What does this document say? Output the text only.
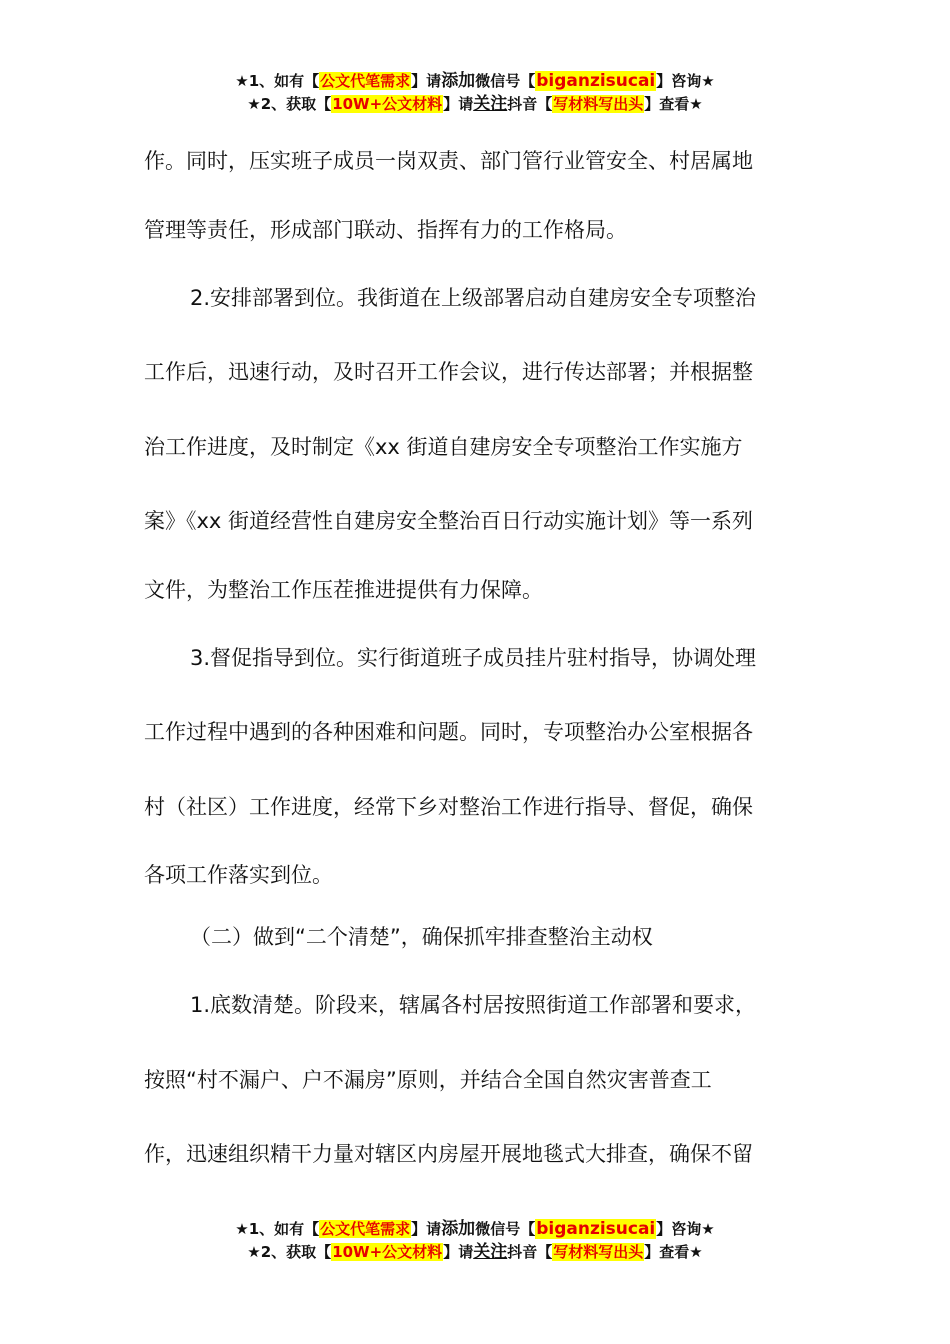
★1、如有【公文代笔需求】请添加微信号【biganzisucai】咨询★
★2、获取【10W+公文材料】请关注抖音【写材料写出头】查看★
作。同时，压实班子成员一岗双责、部门管行业管安全、村居属地
管理等责任，形成部门联动、指挥有力的工作格局。
2.安排部署到位。我街道在上级部署启动自建房安全专项整治
工作后，迅速行动，及时召开工作会议，进行传达部署；并根据整
治工作进度，及时制定《xx 街道自建房安全专项整治工作实施方
案》《xx 街道经营性自建房安全整治百日行动实施计划》等一系列
文件，为整治工作压茬推进提供有力保障。
3.督促指导到位。实行街道班子成员挂片驻村指导，协调处理
工作过程中遇到的各种困难和问题。同时，专项整治办公室根据各
村（社区）工作进度，经常下乡对整治工作进行指导、督促，确保
各项工作落实到位。
（二）做到“二个清楚”，确保抓牢排查整治主动权
1.底数清楚。阶段来，辖属各村居按照街道工作部署和要求，
按照“村不漏户、户不漏房”原则，并结合全国自然灾害普查工
作，迅速组织精干力量对辖区内房屋开展地毯式大排查，确保不留
★1、如有【公文代笔需求】请添加微信号【biganzisucai】咨询★
★2、获取【10W+公文材料】请关注抖音【写材料写出头】查看★
